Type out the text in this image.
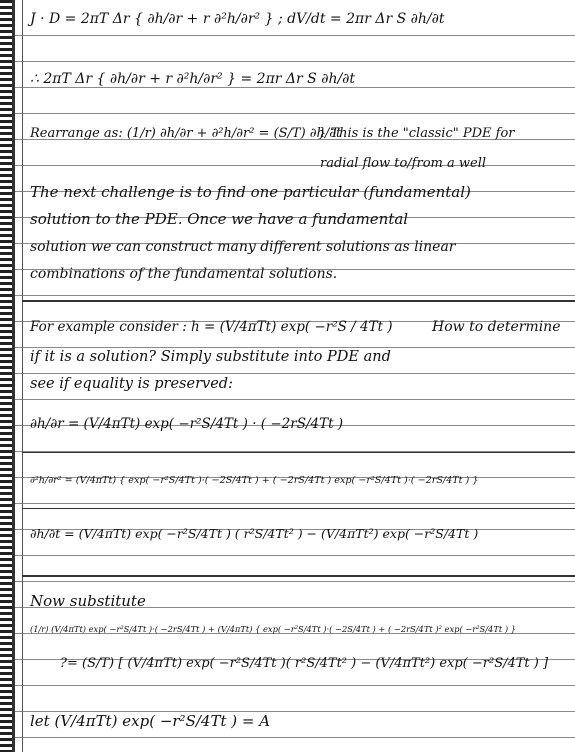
J · D = 2πT Δr { ∂h/∂r + r ∂²h/∂r² } ; dV/dt = 2πr Δr S ∂h/∂t
∴ 2πT Δr { ∂h/∂r + r ∂²h/∂r² } = 2πr Δr S ∂h/∂t
Rearrange as: (1/r) ∂h/∂r + ∂²h/∂r² = (S/T) ∂h/∂t
} This is the "classic" PDE for
radial flow to/from a well
The next challenge is to find one particular (fundamental)
solution to the PDE. Once we have a fundamental
solution we can construct many different solutions as linear
combinations of the fundamental solutions.
For example consider : h = (V/4πTt) exp( −r²S / 4Tt )	How to determine
if it is a solution? Simply substitute into PDE and
see if equality is preserved:
∂h/∂r = (V/4πTt) exp( −r²S/4Tt ) · ( −2rS/4Tt )
∂²h/∂r² = (V/4πTt) { exp( −r²S/4Tt )·( −2S/4Tt ) + ( −2rS/4Tt ) exp( −r²S/4Tt )·( −2rS/4Tt ) }
∂h/∂t = (V/4πTt) exp( −r²S/4Tt ) ( r²S/4Tt² ) − (V/4πTt²) exp( −r²S/4Tt )
Now substitute
(1/r) (V/4πTt) exp( −r²S/4Tt )·( −2rS/4Tt ) + (V/4πTt) { exp( −r²S/4Tt )·( −2S/4Tt ) + ( −2rS/4Tt )² exp( −r²S/4Tt ) }
?= (S/T) [ (V/4πTt) exp( −r²S/4Tt )( r²S/4Tt² ) − (V/4πTt²) exp( −r²S/4Tt ) ]
let (V/4πTt) exp( −r²S/4Tt ) = A
